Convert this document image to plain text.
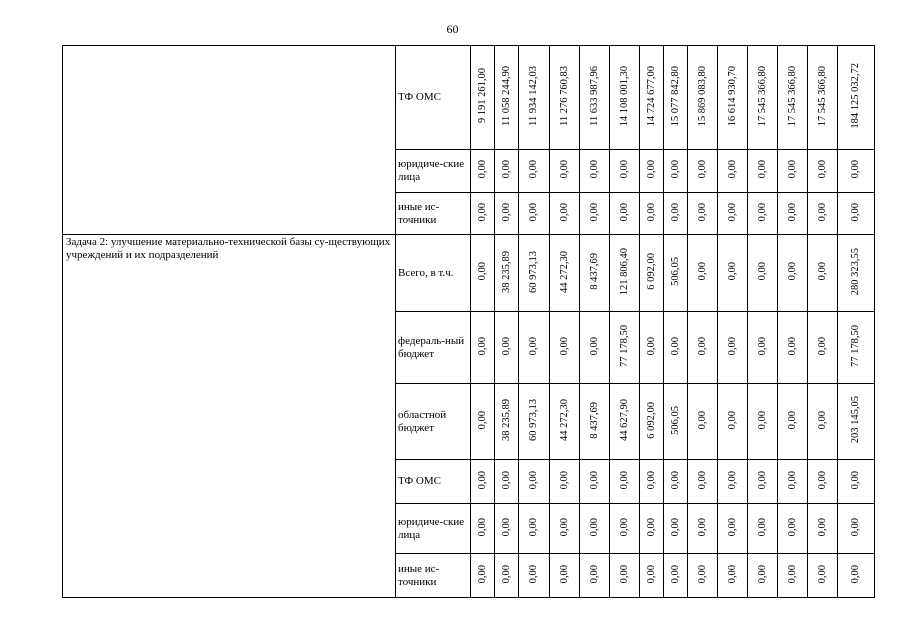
60
	ТФ ОМС	9 191 261,00	11 058 244,90	11 934 142,03	11 276 760,83	11 633 987,96	14 108 001,30	14 724 677,00	15 077 842,80	15 869 083,80	16 614 930,70	17 545 366,80	17 545 366,80	17 545 366,80	184 125 032,72
	юридиче-ские лица	0,00	0,00	0,00	0,00	0,00	0,00	0,00	0,00	0,00	0,00	0,00	0,00	0,00	0,00
	иные ис-точники	0,00	0,00	0,00	0,00	0,00	0,00	0,00	0,00	0,00	0,00	0,00	0,00	0,00	0,00
Задача 2: улучшение материально-технической базы су-ществующих учреждений и их подразделений	Всего, в т.ч.	0,00	38 235,89	60 973,13	44 272,30	8 437,69	121 806,40	6 092,00	506,05	0,00	0,00	0,00	0,00	0,00	280 323,55
	федераль-ный бюджет	0,00	0,00	0,00	0,00	0,00	77 178,50	0,00	0,00	0,00	0,00	0,00	0,00	0,00	77 178,50
	областной бюджет	0,00	38 235,89	60 973,13	44 272,30	8 437,69	44 627,90	6 092,00	506,05	0,00	0,00	0,00	0,00	0,00	203 145,05
	ТФ ОМС	0,00	0,00	0,00	0,00	0,00	0,00	0,00	0,00	0,00	0,00	0,00	0,00	0,00	0,00
	юридиче-ские лица	0,00	0,00	0,00	0,00	0,00	0,00	0,00	0,00	0,00	0,00	0,00	0,00	0,00	0,00
	иные ис-точники	0,00	0,00	0,00	0,00	0,00	0,00	0,00	0,00	0,00	0,00	0,00	0,00	0,00	0,00
